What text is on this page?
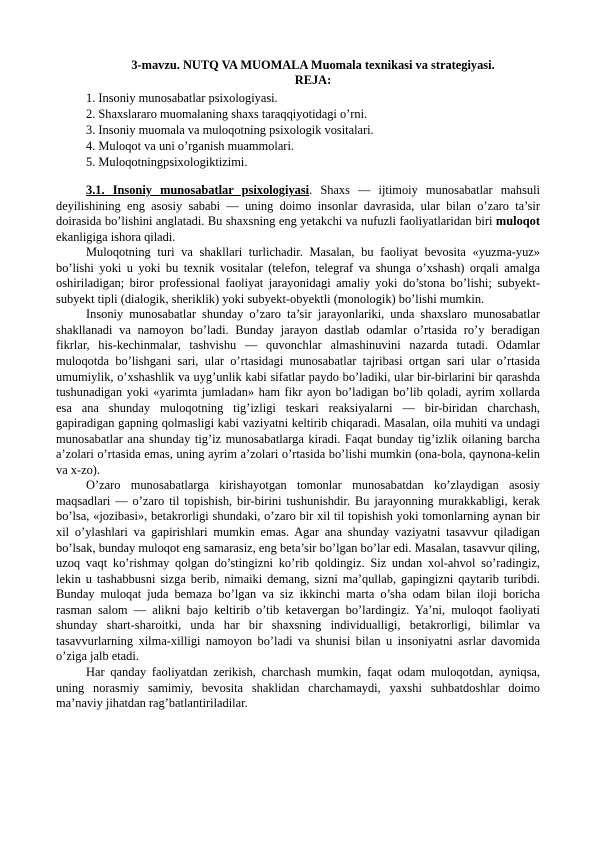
3-mavzu. NUTQ VA MUOMALA Muomala texnikasi va strategiyasi.
REJA:
1. Insoniy munosabatlar psixologiyasi.
2. Shaxslararo muomalaning shaxs taraqqiyotidagi o’rni.
3. Insoniy muomala va muloqotning psixologik vositalari.
4. Muloqot va uni o’rganish muammolari.
5. Muloqotningpsixologiktizimi.

3.1. Insoniy munosabatlar psixologiyasi. Shaxs — ijtimoiy munosabatlar mahsuli deyilishining eng asosiy sababi — uning doimo insonlar davrasida, ular bilan o’zaro ta’sir doirasida bo’lishini anglatadi. Bu shaxsning eng yetakchi va nufuzli faoliyatlaridan biri muloqot ekanligiga ishora qiladi.

Muloqotning turi va shakllari turlichadir. Masalan, bu faoliyat bevosita «yuzma-yuz» bo’lishi yoki u yoki bu texnik vositalar (telefon, telegraf va shunga o’xshash) orqali amalga oshiriladigan; biror professional faoliyat jarayonidagi amaliy yoki do’stona bo’lishi; subyekt-subyekt tipli (dialogik, sheriklik) yoki subyekt-obyektli (monologik) bo’lishi mumkin.

Insoniy munosabatlar shunday o’zaro ta’sir jarayonlariki, unda shaxslaro munosabatlar shakllanadi va namoyon bo’ladi. Bunday jarayon dastlab odamlar o’rtasida ro’y beradigan fikrlar, his-kechinmalar, tashvishu — quvonchlar almashinuvini nazarda tutadi. Odamlar muloqotda bo’lishgani sari, ular o’rtasidagi munosabatlar tajribasi ortgan sari ular o’rtasida umumiylik, o’xshashlik va uyg’unlik kabi sifatlar paydo bo’ladiki, ular bir-birlarini bir qarashda tushunadigan yoki «yarimta jumladan» ham fikr ayon bo’ladigan bo’lib qoladi, ayrim xollarda esa ana shunday muloqotning tig’izligi teskari reaksiyalarni — bir-biridan charchash, gapiradigan gapning qolmasligi kabi vaziyatni keltirib chiqaradi. Masalan, oila muhiti va undagi munosabatlar ana shunday tig’iz munosabatlarga kiradi. Faqat bunday tig’izlik oilaning barcha a’zolari o’rtasida emas, uning ayrim a’zolari o’rtasida bo’lishi mumkin (ona-bola, qaynona-kelin va x-zo).

O’zaro munosabatlarga kirishayotgan tomonlar munosabatdan ko’zlaydigan asosiy maqsadlari — o’zaro til topishish, bir-birini tushunishdir. Bu jarayonning murakkabligi, kerak bo’lsa, «jozibasi», betakrorligi shundaki, o’zaro bir xil til topishish yoki tomonlarning aynan bir xil o’ylashlari va gapirishlari mumkin emas. Agar ana shunday vaziyatni tasavvur qiladigan bo’lsak, bunday muloqot eng samarasiz, eng beta’sir bo’lgan bo’lar edi. Masalan, tasavvur qiling, uzoq vaqt ko’rishmay qolgan do’stingizni ko’rib qoldingiz. Siz undan xol-ahvol so’radingiz, lekin u tashabbusni sizga berib, nimaiki demang, sizni ma’qullab, gapingizni qaytarib turibdi. Bunday muloqat juda bemaza bo’lgan va siz ikkinchi marta o’sha odam bilan iloji boricha rasman salom — alikni bajo keltirib o’tib ketavergan bo’lardingiz. Ya’ni, muloqot faoliyati shunday shart-sharoitki, unda har bir shaxsning individualligi, betakrorligi, bilimlar va tasavvurlarning xilma-xilligi namoyon bo’ladi va shunisi bilan u insoniyatni asrlar davomida o’ziga jalb etadi.

Har qanday faoliyatdan zerikish, charchash mumkin, faqat odam muloqotdan, ayniqsa, uning norasmiy samimiy, bevosita shaklidan charchamaydi, yaxshi suhbatdoshlar doimo ma’naviy jihatdan rag’batlantiriladilar.
